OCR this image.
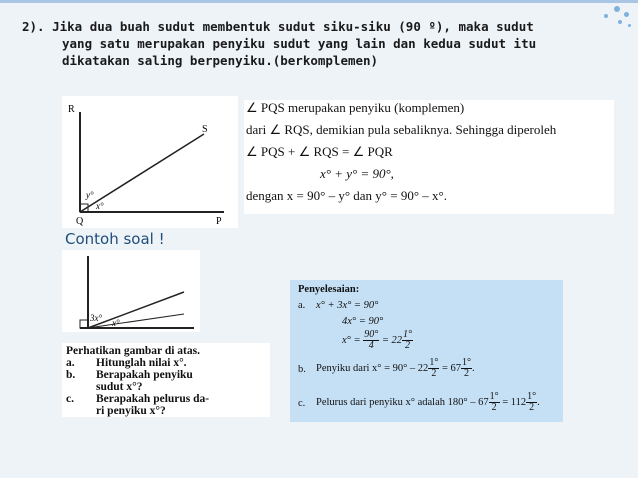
2). Jika dua buah sudut membentuk sudut siku-siku (90 º), maka sudut
yang satu merupakan penyiku sudut yang lain dan kedua sudut itu
dikatakan saling berpenyiku.(berkomplemen)
R
S
Q	P
y°
x°
∠ PQS merupakan penyiku (komplemen)
dari ∠ RQS, demikian pula sebaliknya. Sehingga diperoleh
∠ PQS + ∠ RQS = ∠ PQR
x° + y° = 90°,
dengan x = 90° – y° dan y° = 90° – x°.
Contoh soal !
3x° x°
Perhatikan gambar di atas.
a. Hitunglah nilai x°.
b. Berapakah penyiku
sudut x°?
c. Berapakah pelurus da-
ri penyiku x°?
Penyelesaian:
a. x° + 3x° = 90°
4x° = 90°
$x^\circ = \frac{90^\circ}{4} = 22 \frac{1^\circ}{2}$
b. Penyiku dari $x^\circ = 90^\circ - 22 \frac{1^\circ}{2} = 67 \frac{1^\circ}{2}$ .
c. Pelurus dari penyiku x° adalah $180^\circ - 67 \frac{1^\circ}{2} = 112 \frac{1^\circ}{2}$ .
